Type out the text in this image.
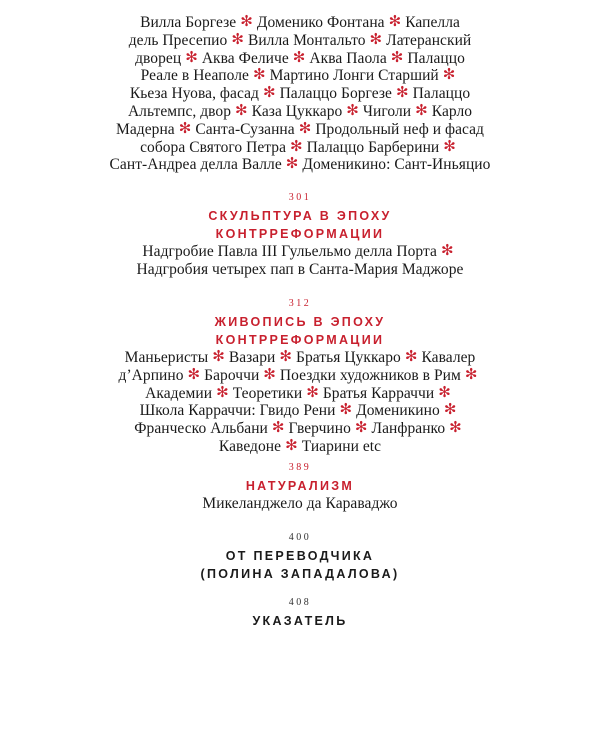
Вилла Боргезе ✻ Доменико Фонтана ✻ Капелла
дель Пресепио ✻ Вилла Монтальто ✻ Латеранский
дворец ✻ Аква Феличе ✻ Аква Паола ✻ Палаццо
Реале в Неаполе ✻ Мартино Лонги Старший ✻
Кьеза Нуова, фасад ✻ Палаццо Боргезе ✻ Палаццо
Альтемпс, двор ✻ Каза Цуккаро ✻ Чиголи ✻ Карло
Мадерна ✻ Санта-Сузанна ✻ Продольный неф и фасад
собора Святого Петра ✻ Палаццо Барберини ✻
Сант-Андреа делла Валле ✻ Доменикино: Сант-Иньяцио
301
СКУЛЬПТУРА В ЭПОХУ
КОНТРРЕФОРМАЦИИ
Надгробие Павла III Гульельмо делла Порта ✻
Надгробия четырех пап в Санта-Мария Маджоре
312
ЖИВОПИСЬ В ЭПОХУ
КОНТРРЕФОРМАЦИИ
Маньеристы ✻ Вазари ✻ Братья Цуккаро ✻ Кавалер
д’Арпино ✻ Бароччи ✻ Поездки художников в Рим ✻
Академии ✻ Теоретики ✻ Братья Карраччи ✻
Школа Карраччи: Гвидо Рени ✻ Доменикино ✻
Франческо Альбани ✻ Гверчино ✻ Ланфранко ✻
Каведоне ✻ Тиарини etc
389
НАТУРАЛИЗМ
Микеланджело да Караваджо
400
ОТ ПЕРЕВОДЧИКА
(ПОЛИНА ЗАПАДАЛОВА)
408
УКАЗАТЕЛЬ
